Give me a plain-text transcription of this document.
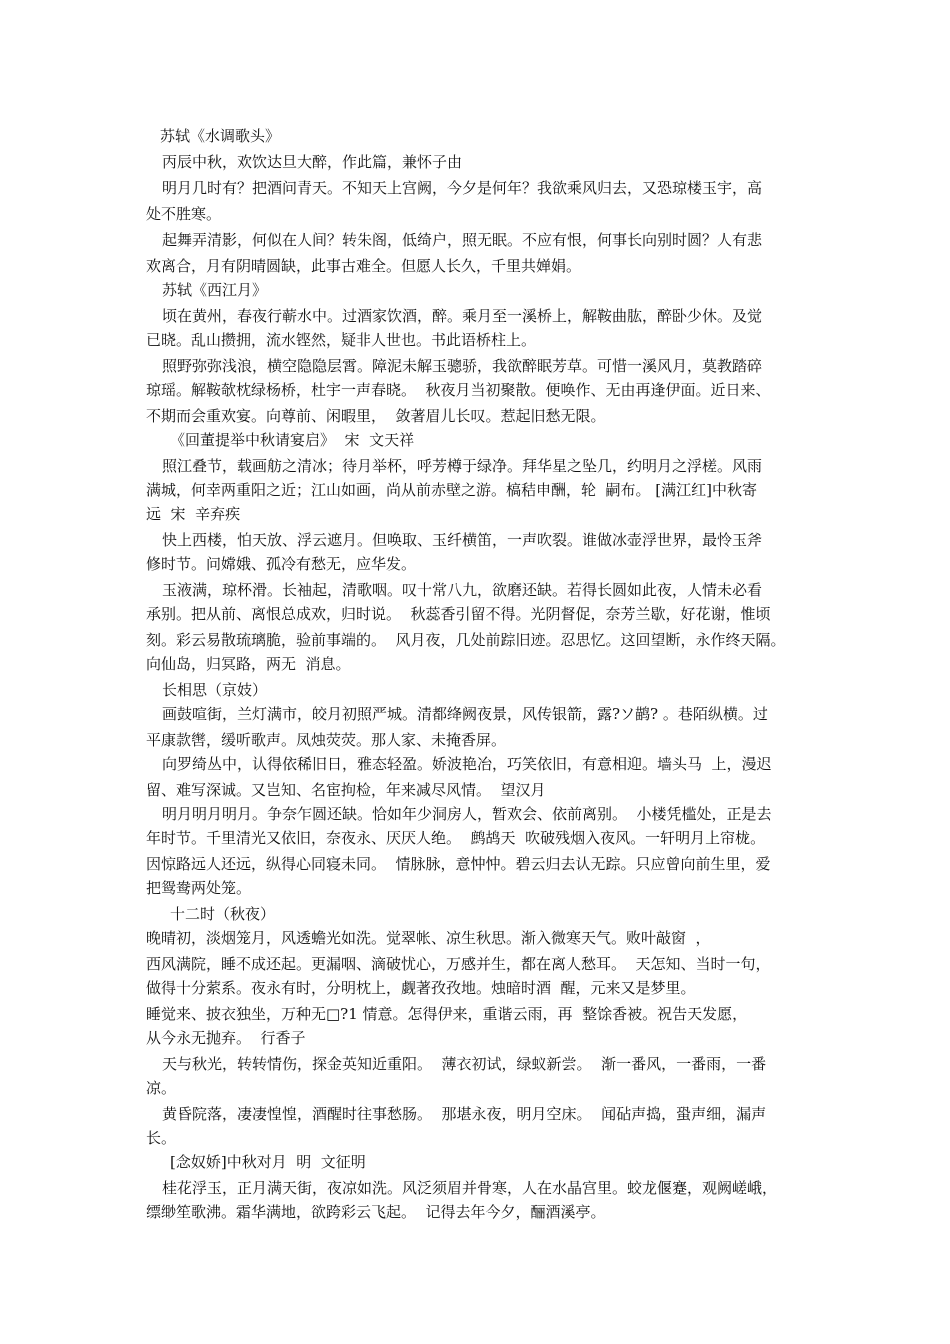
苏轼《水调歌头》
丙辰中秋，欢饮达旦大醉，作此篇，兼怀子由
明月几时有？把酒问青天。不知天上宫阙，今夕是何年？我欲乘风归去，又恐琼楼玉宇，高
处不胜寒。
起舞弄清影，何似在人间？转朱阁，低绮户，照无眠。不应有恨，何事长向别时圆？人有悲
欢离合，月有阴晴圆缺，此事古难全。但愿人长久，千里共婵娟。
苏轼《西江月》
顷在黄州，春夜行蕲水中。过酒家饮酒，醉。乘月至一溪桥上，解鞍曲肱，醉卧少休。及觉
已晓。乱山攒拥，流水铿然，疑非人世也。书此语桥柱上。
照野弥弥浅浪，横空隐隐层霄。障泥未解玉骢骄，我欲醉眠芳草。可惜一溪风月，莫教踏碎
琼瑶。解鞍欹枕绿杨桥，杜宇一声春晓。  秋夜月当初聚散。便唤作、无由再逢伊面。近日来、
不期而会重欢宴。向尊前、闲暇里，  敛著眉儿长叹。惹起旧愁无限。
《回董提举中秋请宴启》  宋  文天祥
照江叠节，载画舫之清冰；待月举杯，呼芳樽于绿净。拜华星之坠几，约明月之浮槎。风雨
满城，何幸两重阳之近；江山如画，尚从前赤壁之游。槁秸申酬，轮  嗣布。 [满江红]中秋寄
远  宋  辛弃疾
快上西楼，怕天放、浮云遮月。但唤取、玉纤横笛，一声吹裂。谁做冰壶浮世界，最怜玉斧
修时节。问嫦娥、孤冷有愁无，应华发。
玉液满，琼杯滑。长袖起，清歌咽。叹十常八九，欲磨还缺。若得长圆如此夜，人情未必看
承别。把从前、离恨总成欢，归时说。  秋蕊香引留不得。光阴督促，奈芳兰歇，好花谢，惟顷
刻。彩云易散琉璃脆，验前事端的。  风月夜，几处前踪旧迹。忍思忆。这回望断，永作终天隔。
向仙岛，归冥路，两无  消息。
长相思（京妓）
画鼓喧街，兰灯满市，皎月初照严城。清都绛阙夜景，风传银箭，露?ソ鹋? 。巷陌纵横。过
平康款辔，缓听歌声。凤烛荧荧。那人家、未掩香屏。
向罗绮丛中，认得依稀旧日，雅态轻盈。娇波艳冶，巧笑依旧，有意相迎。墙头马  上，漫迟
留、难写深诚。又岂知、名宦拘检，年来减尽风情。  望汉月
明月明月明月。争奈乍圆还缺。恰如年少洞房人，暂欢会、依前离别。  小楼凭槛处，正是去
年时节。千里清光又依旧，奈夜永、厌厌人绝。  鹧鸪天  吹破残烟入夜风。一轩明月上帘栊。
因惊路远人还远，纵得心同寝未同。  情脉脉，意忡忡。碧云归去认无踪。只应曾向前生里，爱
把鸳鸯两处笼。
十二时（秋夜）
晚晴初，淡烟笼月，风透蟾光如洗。觉翠帐、凉生秋思。渐入微寒天气。败叶敲窗  ，
西风满院，睡不成还起。更漏咽、滴破忧心，万感并生，都在离人愁耳。  天怎知、当时一句，
做得十分萦系。夜永有时，分明枕上，觑著孜孜地。烛暗时酒  醒，元来又是梦里。
睡觉来、披衣独坐，万种无□?1 情意。怎得伊来，重谐云雨，再  整馀香被。祝告天发愿，
从今永无抛弃。  行香子
天与秋光，转转情伤，探金英知近重阳。  薄衣初试，绿蚁新尝。  渐一番风，一番雨，一番
凉。
黄昏院落，凄凄惶惶，酒醒时往事愁肠。  那堪永夜，明月空床。  闻砧声捣，蛩声细，漏声
长。
[念奴娇]中秋对月  明  文征明
桂花浮玉，正月满天街，夜凉如洗。风泛须眉并骨寒，人在水晶宫里。蛟龙偃蹇，观阙嵯峨，
缥缈笙歌沸。霜华满地，欲跨彩云飞起。  记得去年今夕，酾酒溪亭。
